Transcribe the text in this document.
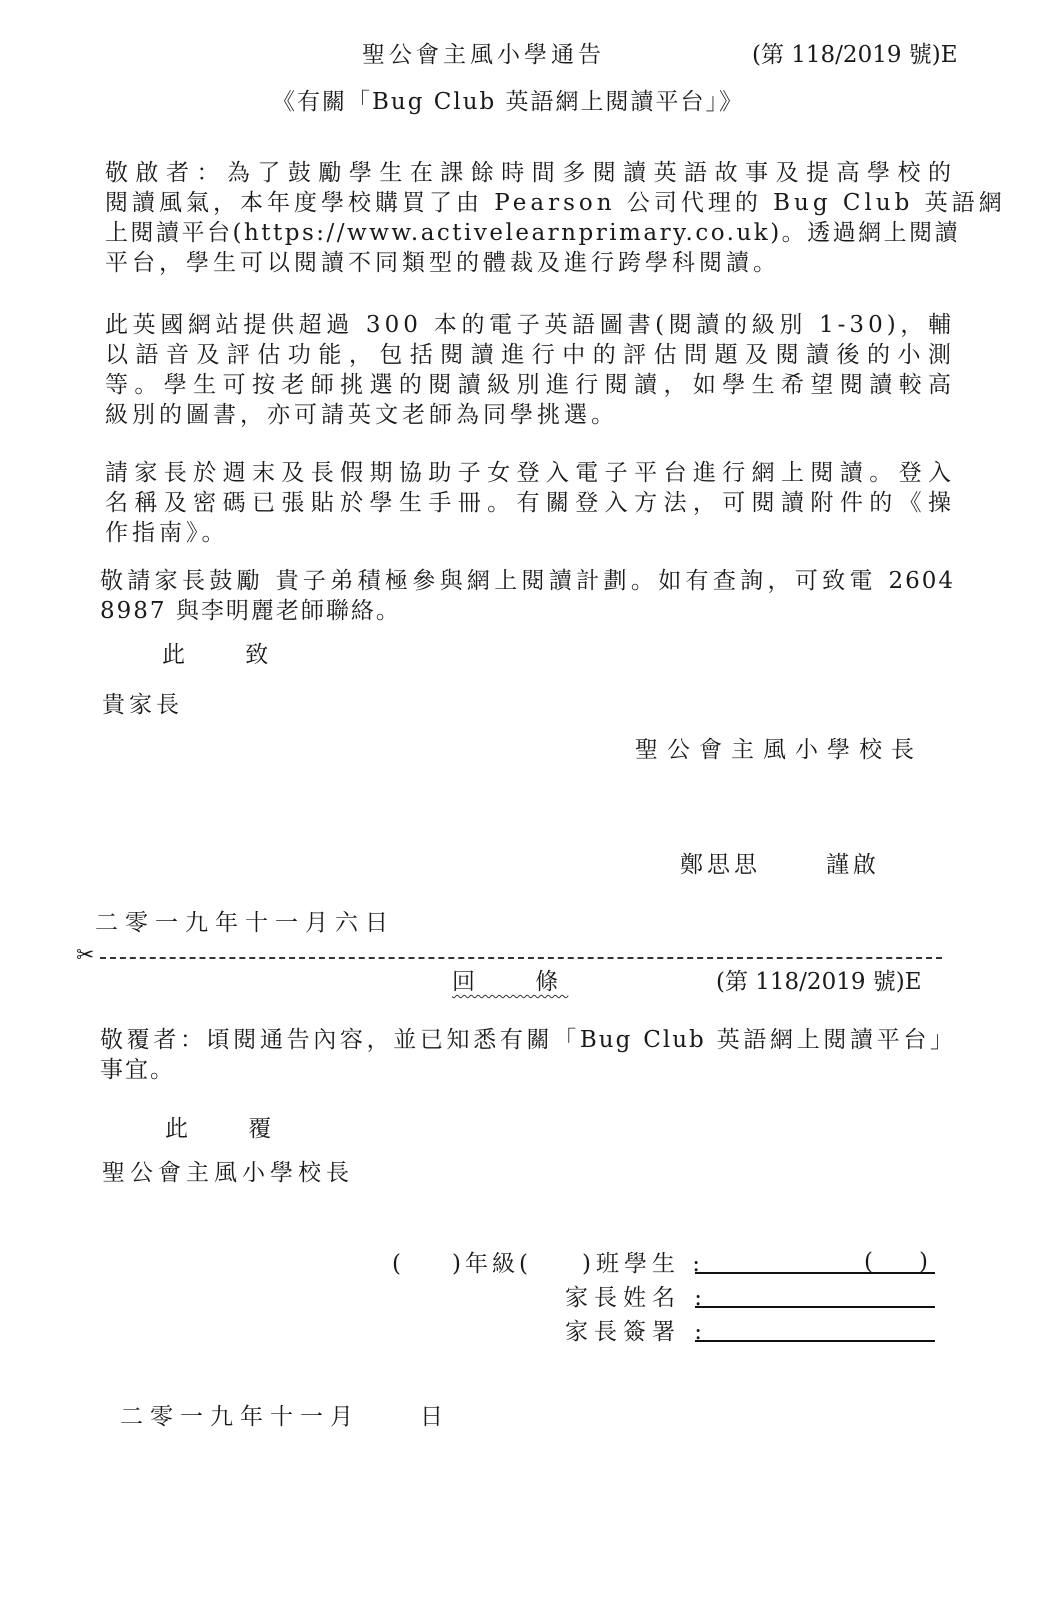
聖公會主風小學通告	(第 118/2019 號)E
《有關「Bug Club 英語網上閱讀平台」》
敬啟者：為了鼓勵學生在課餘時間多閱讀英語故事及提高學校的
閱讀風氣，本年度學校購買了由 Pearson 公司代理的 Bug Club 英語網
上閱讀平台(https://www.activelearnprimary.co.uk)。透過網上閱讀
平台，學生可以閱讀不同類型的體裁及進行跨學科閱讀。
此英國網站提供超過 300 本的電子英語圖書(閱讀的級別 1-30)，輔
以語音及評估功能，包括閱讀進行中的評估問題及閱讀後的小測
等。學生可按老師挑選的閱讀級別進行閱讀，如學生希望閱讀較高
級別的圖書，亦可請英文老師為同學挑選。
請家長於週末及長假期協助子女登入電子平台進行網上閱讀。登入
名稱及密碼已張貼於學生手冊。有關登入方法，可閱讀附件的《操
作指南》。
敬請家長鼓勵 貴子弟積極參與網上閱讀計劃。如有查詢，可致電 2604
8987 與李明麗老師聯絡。
此　 致
貴家長
聖公會主風小學校長
鄭思思	謹啟
二零一九年十一月六日
✂
回　 條	(第 118/2019 號)E
敬覆者：頃閱通告內容，並已知悉有關「Bug Club 英語網上閱讀平台」
事宜。
此　 覆
聖公會主風小學校長
( )年級( )班學生 :	(　　)
家長姓名 :
家長簽署 :
二零一九年十一月　　日
